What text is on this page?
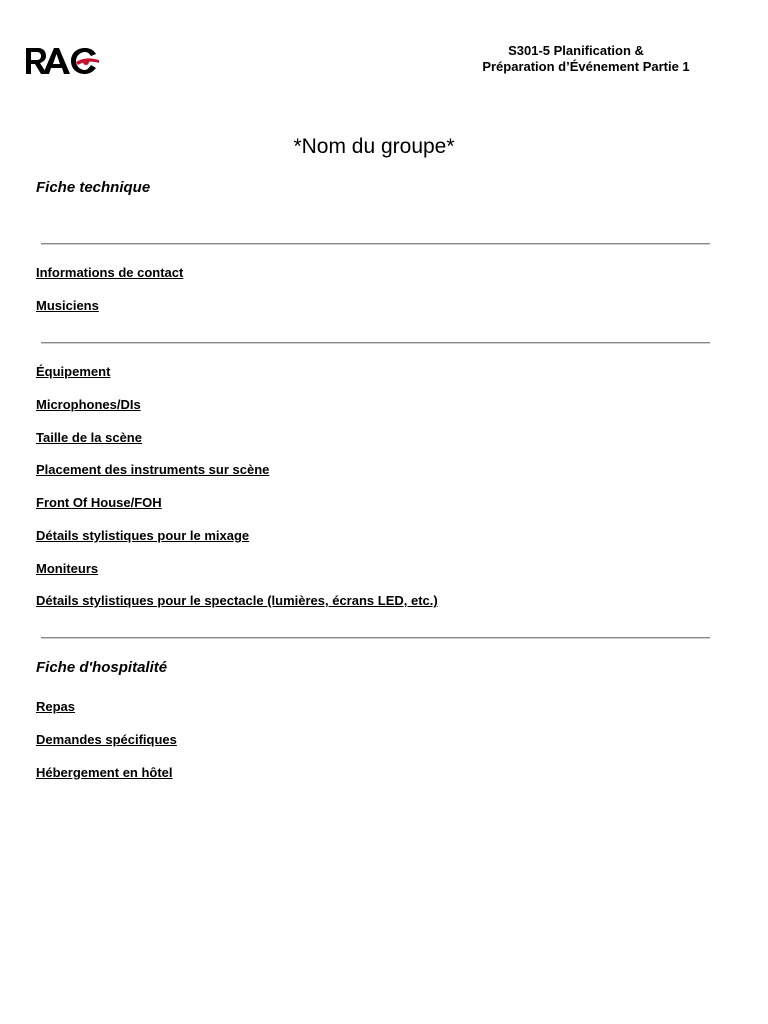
S301-5 Planification &
Préparation d’Événement Partie 1
*Nom du groupe*
Fiche technique
Informations de contact
Musiciens
Équipement
Microphones/DIs
Taille de la scène
Placement des instruments sur scène
Front Of House/FOH
Détails stylistiques pour le mixage
Moniteurs
Détails stylistiques pour le spectacle (lumières, écrans LED, etc.)
Fiche d'hospitalité
Repas
Demandes spécifiques
Hébergement en hôtel
